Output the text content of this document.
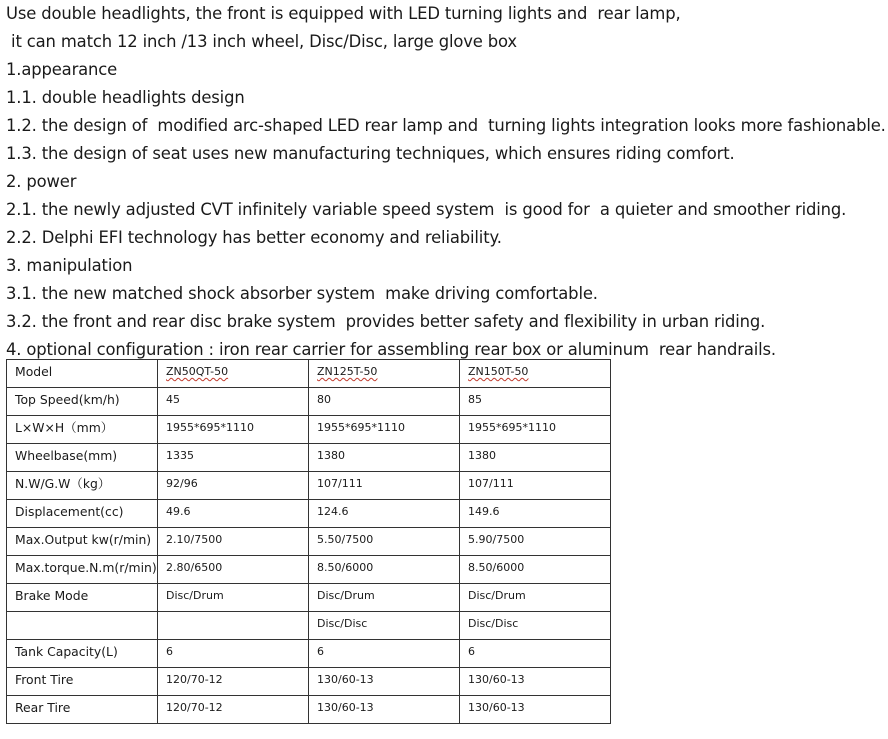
Use double headlights, the front is equipped with LED turning lights and  rear lamp,
it can match 12 inch /13 inch wheel, Disc/Disc, large glove box
1.appearance
1.1. double headlights design
1.2. the design of  modified arc-shaped LED rear lamp and  turning lights integration looks more fashionable.
1.3. the design of seat uses new manufacturing techniques, which ensures riding comfort.
2. power
2.1. the newly adjusted CVT infinitely variable speed system  is good for  a quieter and smoother riding.
2.2. Delphi EFI technology has better economy and reliability.
3. manipulation
3.1. the new matched shock absorber system  make driving comfortable.
3.2. the front and rear disc brake system  provides better safety and flexibility in urban riding.
4. optional configuration : iron rear carrier for assembling rear box or aluminum  rear handrails.
Model	ZN50QT-50	ZN125T-50	ZN150T-50
Top Speed(km/h)	45	80	85
L×W×H（mm）	1955*695*1110	1955*695*1110	1955*695*1110
Wheelbase(mm)	1335	1380	1380
N.W/G.W（kg）	92/96	107/111	107/111
Displacement(cc)	49.6	124.6	149.6
Max.Output kw(r/min)	2.10/7500	5.50/7500	5.90/7500
Max.torque.N.m(r/min)	2.80/6500	8.50/6000	8.50/6000
Brake Mode	Disc/Drum	Disc/Drum	Disc/Drum
		Disc/Disc	Disc/Disc
Tank Capacity(L)	6	6	6
Front Tire	120/70-12	130/60-13	130/60-13
Rear Tire	120/70-12	130/60-13	130/60-13
